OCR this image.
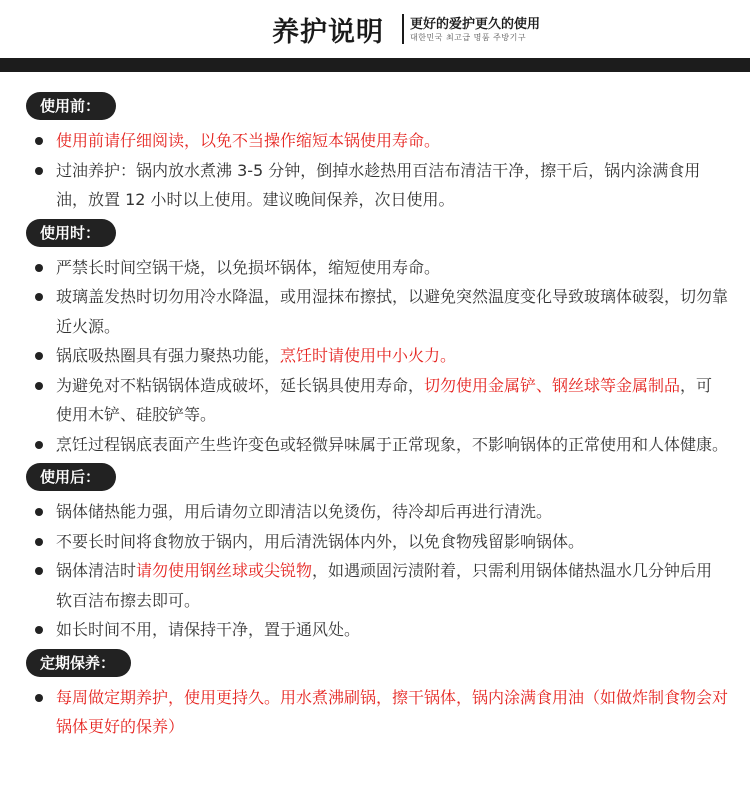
养护说明 更好的爱护更久的使用
대한민국 최고급 명품 주방기구
使用前：
使用前请仔细阅读，以免不当操作缩短本锅使用寿命。
过油养护：锅内放水煮沸 3-5 分钟，倒掉水趁热用百洁布清洁干净，擦干后，锅内涂满食用油，放置 12 小时以上使用。建议晚间保养，次日使用。
使用时：
严禁长时间空锅干烧，以免损坏锅体，缩短使用寿命。
玻璃盖发热时切勿用冷水降温，或用湿抹布擦拭，以避免突然温度变化导致玻璃体破裂，切勿靠近火源。
锅底吸热圈具有强力聚热功能，烹饪时请使用中小火力。
为避免对不粘锅锅体造成破坏，延长锅具使用寿命，切勿使用金属铲、钢丝球等金属制品，可使用木铲、硅胶铲等。
烹饪过程锅底表面产生些许变色或轻微异味属于正常现象，不影响锅体的正常使用和人体健康。
使用后：
锅体储热能力强，用后请勿立即清洁以免烫伤，待冷却后再进行清洗。
不要长时间将食物放于锅内，用后清洗锅体内外，以免食物残留影响锅体。
锅体清洁时请勿使用钢丝球或尖锐物，如遇顽固污渍附着，只需利用锅体储热温水几分钟后用软百洁布擦去即可。
如长时间不用，请保持干净，置于通风处。
定期保养：
每周做定期养护，使用更持久。用水煮沸刷锅，擦干锅体，锅内涂满食用油（如做炸制食物会对锅体更好的保养）
